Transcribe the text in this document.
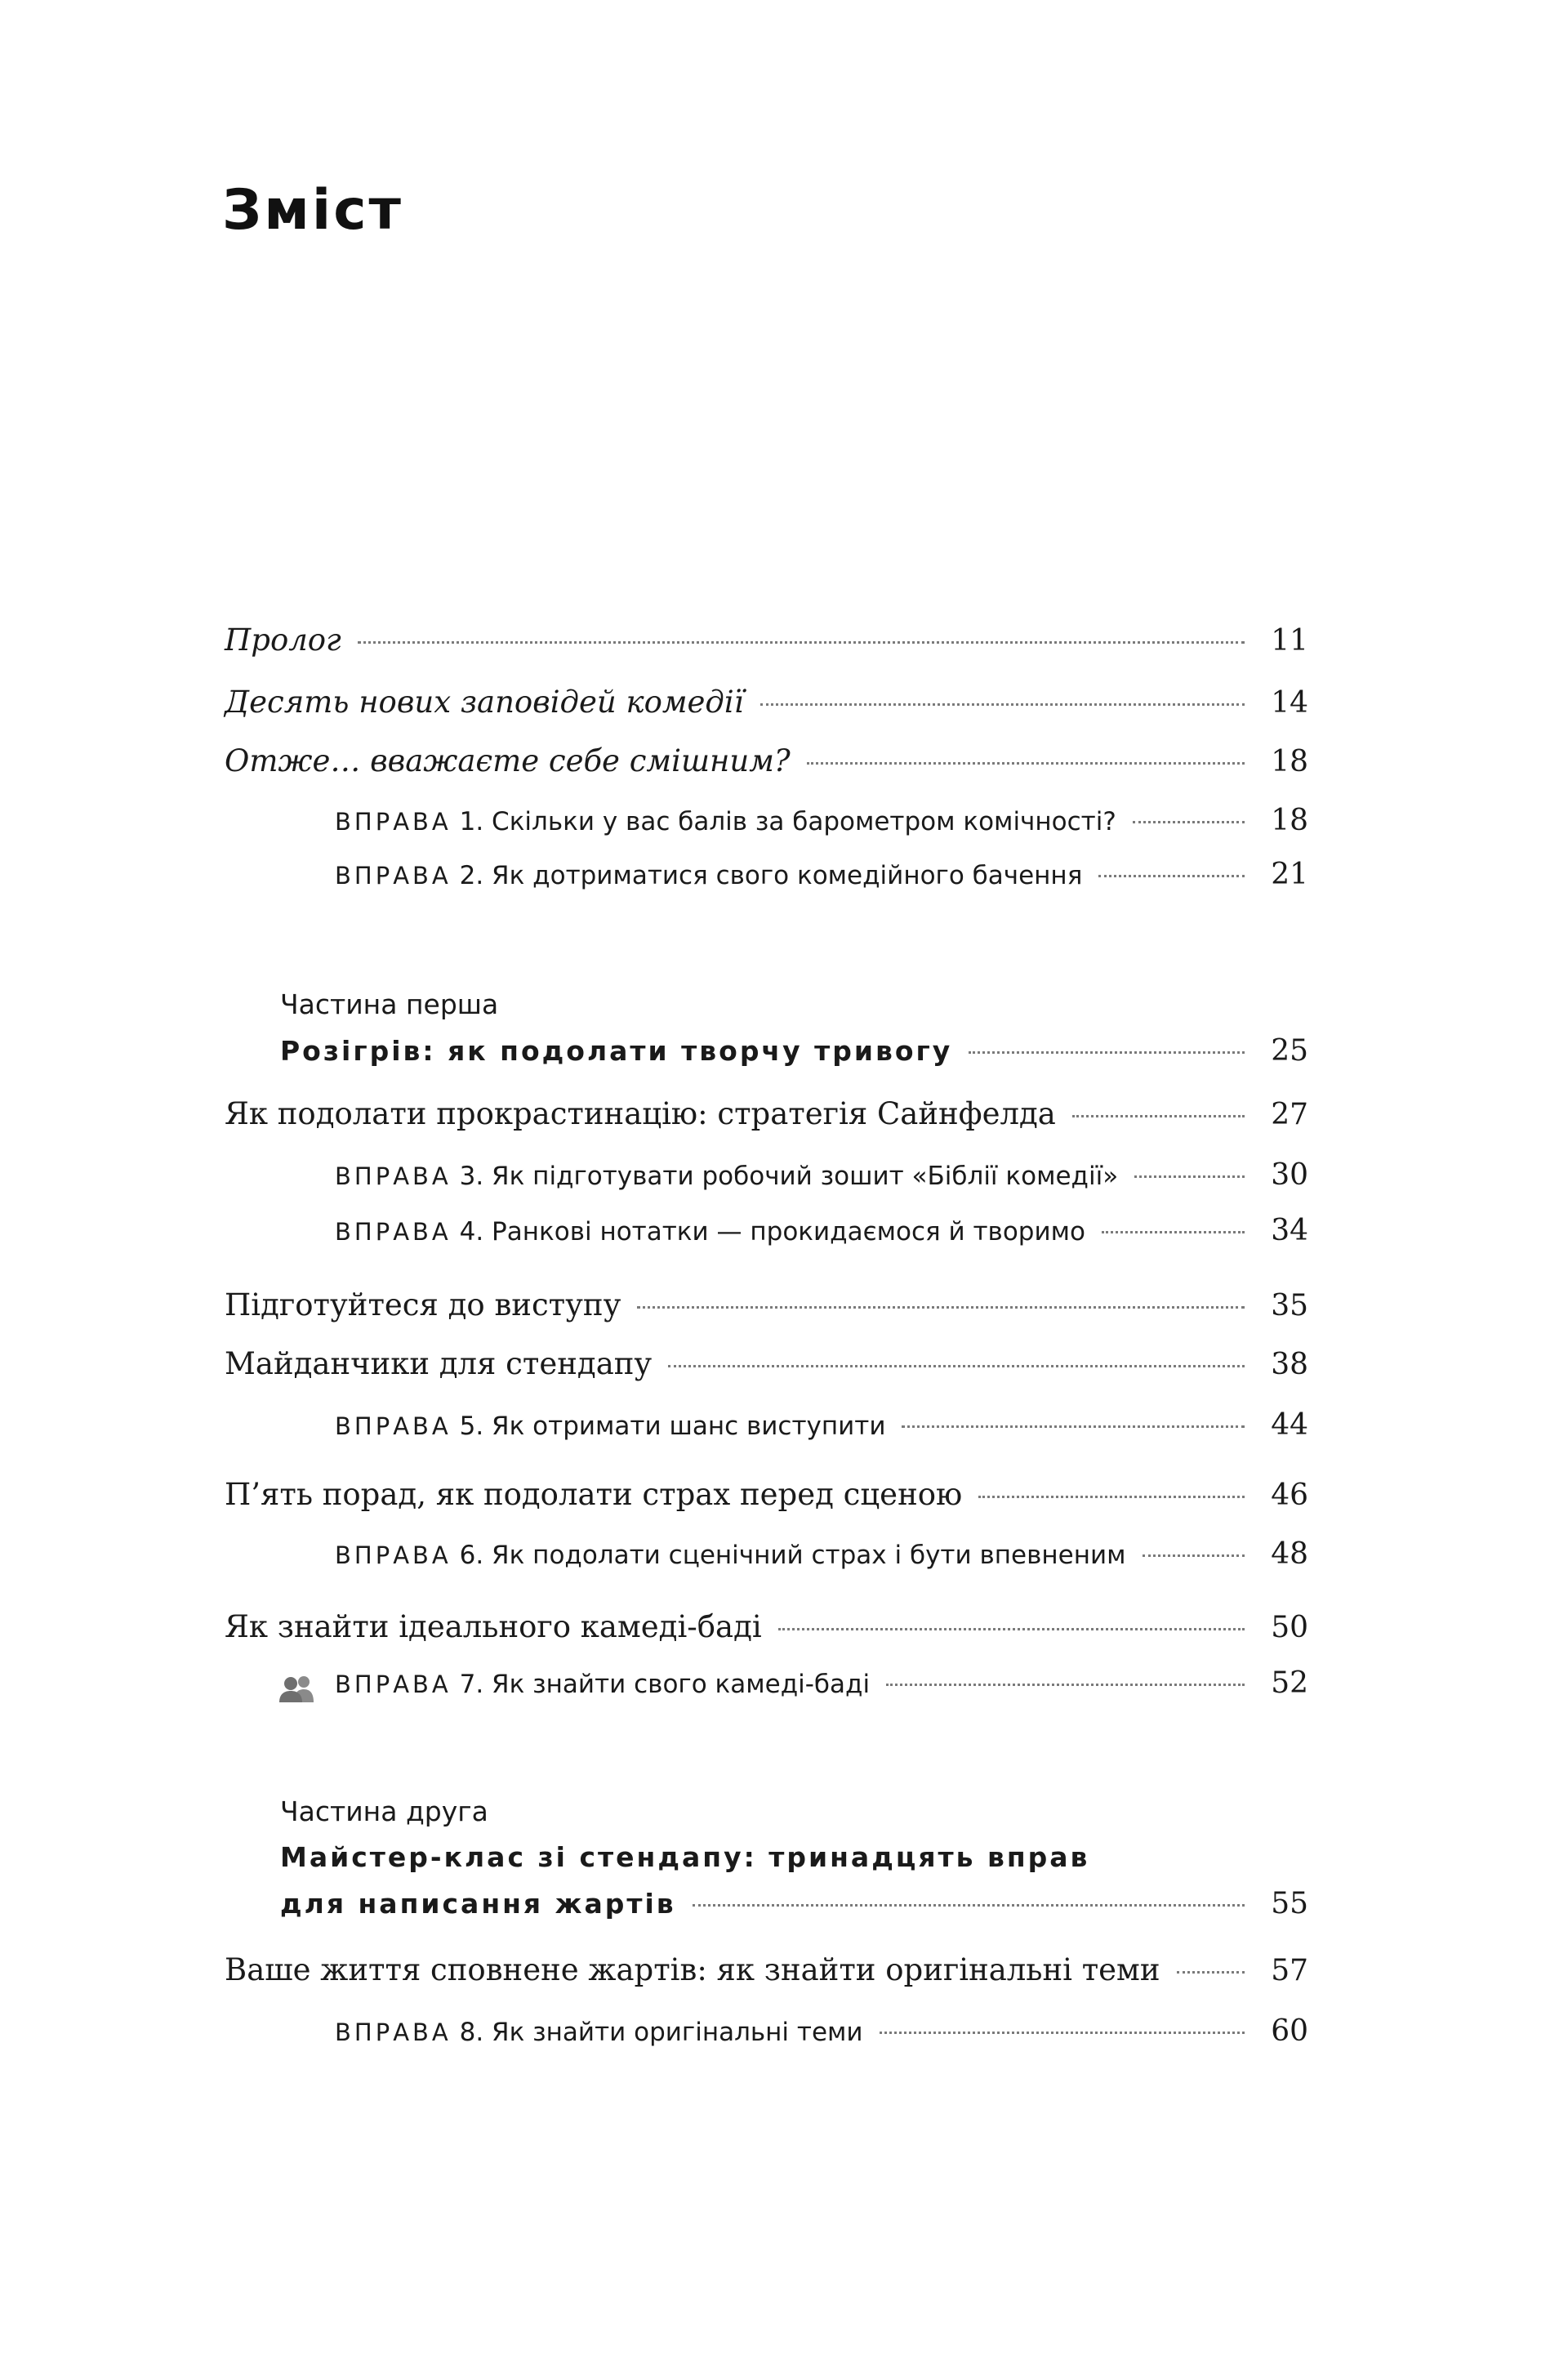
Зміст
Пролог	11
Десять нових заповідей комедії	14
Отже… вважаєте себе смішним?	18
ВПРАВА 1. Скільки у вас балів за барометром комічності?	18
ВПРАВА 2. Як дотриматися свого комедійного бачення	21
Частина перша
Розігрів: як подолати творчу тривогу	25
Як подолати прокрастинацію: стратегія Сайнфелда	27
ВПРАВА 3. Як підготувати робочий зошит «Біблії комедії»	30
ВПРАВА 4. Ранкові нотатки — прокидаємося й творимо	34
Підготуйтеся до виступу	35
Майданчики для стендапу	38
ВПРАВА 5. Як отримати шанс виступити	44
П’ять порад, як подолати страх перед сценою	46
ВПРАВА 6. Як подолати сценічний страх і бути впевненим	48
Як знайти ідеального камеді-баді	50
ВПРАВА 7. Як знайти свого камеді-баді	52
Частина друга
Майстер-клас зі стендапу: тринадцять вправ
для написання жартів	55
Ваше життя сповнене жартів: як знайти оригінальні теми	57
ВПРАВА 8. Як знайти оригінальні теми	60
